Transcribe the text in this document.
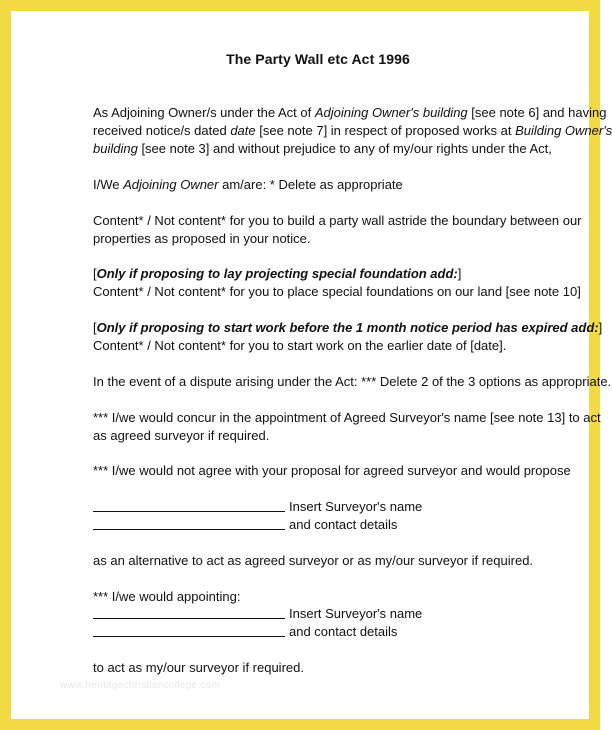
The Party Wall etc Act 1996

As Adjoining Owner/s under the Act of Adjoining Owner's building [see note 6] and having
received notice/s dated date [see note 7] in respect of proposed works at Building Owner's
building [see note 3] and without prejudice to any of my/our rights under the Act,

I/We Adjoining Owner am/are: * Delete as appropriate

Content* / Not content* for you to build a party wall astride the boundary between our
properties as proposed in your notice.

[Only if proposing to lay projecting special foundation add:]
Content* / Not content* for you to place special foundations on our land [see note 10]

[Only if proposing to start work before the 1 month notice period has expired add:]
Content* / Not content* for you to start work on the earlier date of [date].

In the event of a dispute arising under the Act: *** Delete 2 of the 3 options as appropriate.

*** I/we would concur in the appointment of Agreed Surveyor's name [see note 13] to act
as agreed surveyor if required.

*** I/we would not agree with your proposal for agreed surveyor and would propose

Insert Surveyor's name
and contact details

as an alternative to act as agreed surveyor or as my/our surveyor if required.

*** I/we would appointing:

Insert Surveyor's name
and contact details

to act as my/our surveyor if required.

www.heritagechristiancollege.com
